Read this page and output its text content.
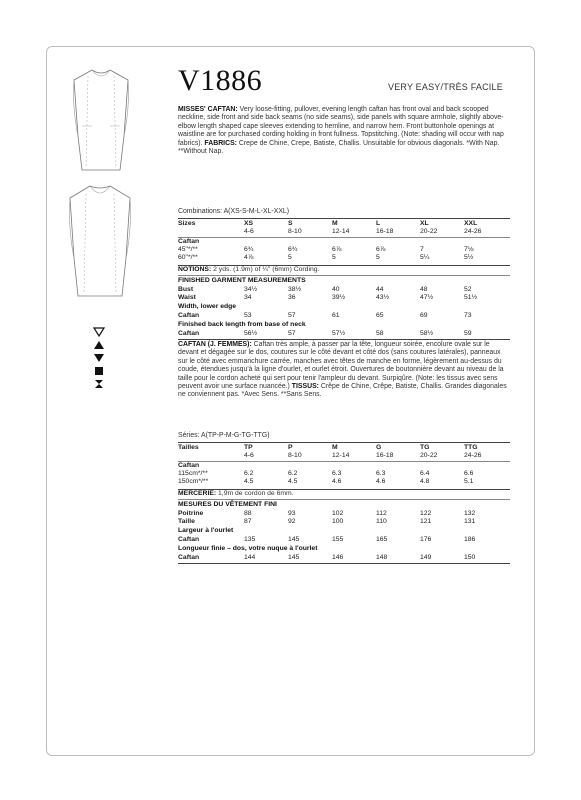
V1886	VERY EASY/TRÈS FACILE
MISSES' CAFTAN: Very loose-fitting, pullover, evening length caftan has front oval and back scooped neckline, side front and side back seams (no side seams), side panels with square armhole, slightly above-elbow length shaped cape sleeves extending to hemline, and narrow hem. Front buttonhole openings at waistline are for purchased cording holding in front fullness. Topstitching. (Note: shading will occur with nap fabrics). FABRICS: Crepe de Chine, Crepe, Batiste, Challis. Unsuitable for obvious diagonals. *With Nap. **Without Nap.
Combinations: A(XS-S-M-L-XL-XXL)
Sizes	XS	S	M	L	XL	XXL
4-6	8-10	12-14	16-18	20-22	24-26
Caftan
45"*/**	6¾	6¾	6⅞	6⅞	7	7⅛
60"*/**	4⅞	5	5	5	5¼	5½
NOTIONS: 2 yds. (1.9m) of ¼" (6mm) Cording.
FINISHED GARMENT MEASUREMENTS
Bust	34½	38½	40	44	48	52
Waist	34	36	39½	43½	47½	51½
Width, lower edge
Caftan	53	57	61	65	69	73
Finished back length from base of neck
Caftan	56½	57	57½	58	58½	59
CAFTAN (J. FEMMES): Caftan très ample, à passer par la tête, longueur soirée, encolure ovale sur le devant et dégagée sur le dos, coutures sur le côté devant et côté dos (sans coutures latérales), panneaux sur le côté avec emmanchure carrée, manches avec têtes de manche en forme, légèrement au-dessus du coude, étendues jusqu'à la ligne d'ourlet, et ourlet étroit. Ouvertures de boutonnière devant au niveau de la taille pour le cordon acheté qui sert pour tenir l'ampleur du devant. Surpiqûre. (Note: les tissus avec sens peuvent avoir une surface nuancée.) TISSUS: Crêpe de Chine, Crêpe, Batiste, Challis. Grandes diagonales ne conviennent pas. *Avec Sens. **Sans Sens.
Séries: A(TP-P-M-G-TG-TTG)
Tailles	TP	P	M	G	TG	TTG
4-6	8-10	12-14	16-18	20-22	24-26
Caftan
115cm*/**	6.2	6.2	6.3	6.3	6.4	6.6
150cm*/**	4.5	4.5	4.6	4.6	4.8	5.1
MERCERIE: 1,9m de cordon de 6mm.
MESURES DU VÊTEMENT FINI
Poitrine	88	93	102	112	122	132
Taille	87	92	100	110	121	131
Largeur à l'ourlet
Caftan	135	145	155	165	176	186
Longueur finie – dos, votre nuque à l'ourlet
Caftan	144	145	146	148	149	150
